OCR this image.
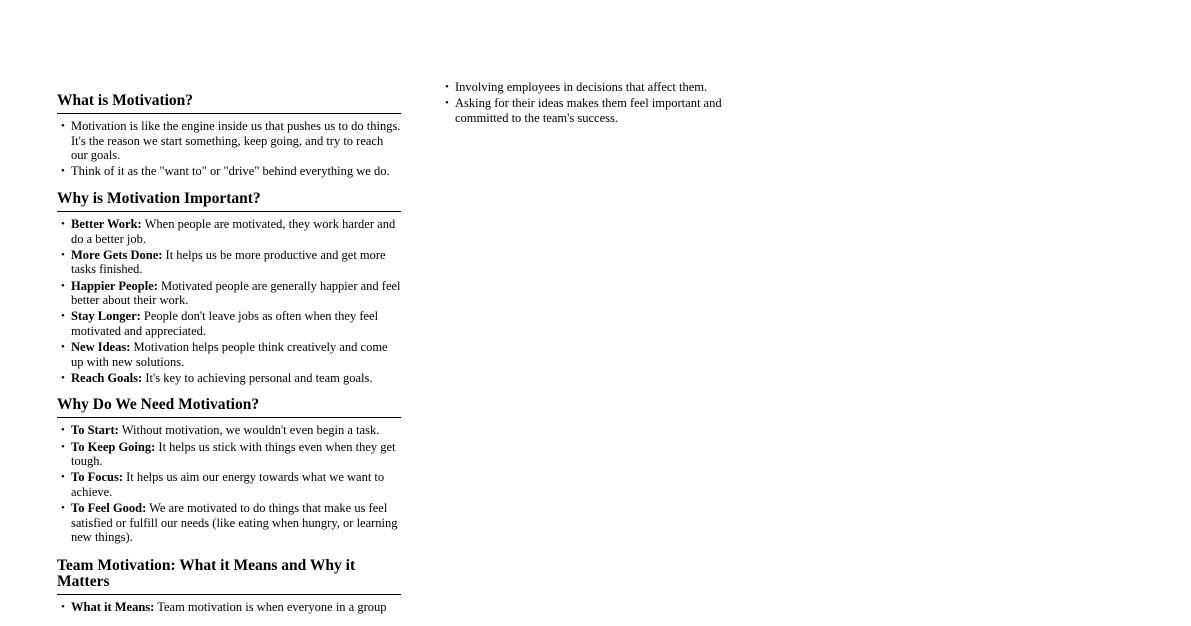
What is Motivation?
• Motivation is like the engine inside us that pushes us to do things. It's the reason we start something, keep going, and try to reach our goals.
• Think of it as the "want to" or "drive" behind everything we do.
Why is Motivation Important?
• Better Work: When people are motivated, they work harder and do a better job.
• More Gets Done: It helps us be more productive and get more tasks finished.
• Happier People: Motivated people are generally happier and feel better about their work.
• Stay Longer: People don't leave jobs as often when they feel motivated and appreciated.
• New Ideas: Motivation helps people think creatively and come up with new solutions.
• Reach Goals: It's key to achieving personal and team goals.
Why Do We Need Motivation?
• To Start: Without motivation, we wouldn't even begin a task.
• To Keep Going: It helps us stick with things even when they get tough.
• To Focus: It helps us aim our energy towards what we want to achieve.
• To Feel Good: We are motivated to do things that make us feel satisfied or fulfill our needs (like eating when hungry, or learning new things).
Team Motivation: What it Means and Why it Matters
• What it Means: Team motivation is when everyone in a group
• Involving employees in decisions that affect them.
• Asking for their ideas makes them feel important and committed to the team's success.
